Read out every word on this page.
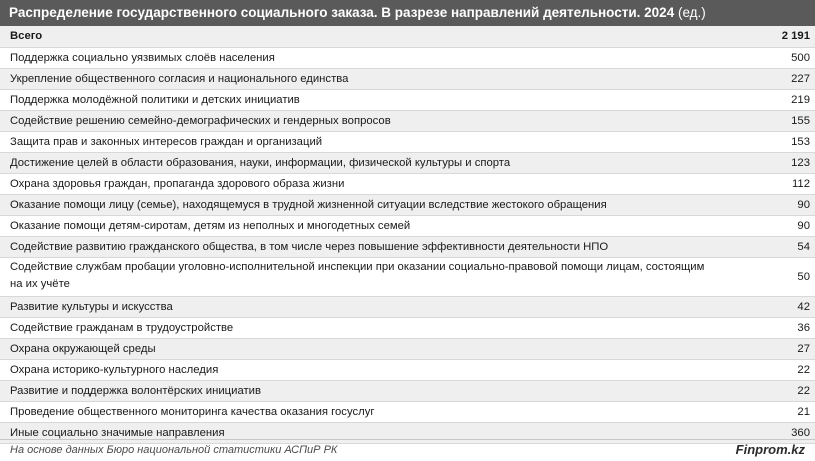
Распределение государственного социального заказа. В разрезе направлений деятельности. 2024 (ед.)
Всего	2 191
Поддержка социально уязвимых слоёв населения	500
Укрепление общественного согласия и национального единства	227
Поддержка молодёжной политики и детских инициатив	219
Содействие решению семейно-демографических и гендерных вопросов	155
Защита прав и законных интересов граждан и организаций	153
Достижение целей в области образования, науки, информации, физической культуры и спорта	123
Охрана здоровья граждан, пропаганда здорового образа жизни	112
Оказание помощи лицу (семье), находящемуся в трудной жизненной ситуации вследствие жестокого обращения	90
Оказание помощи детям-сиротам, детям из неполных и многодетных семей	90
Содействие развитию гражданского общества, в том числе через повышение эффективности деятельности НПО	54
Содействие службам пробации уголовно-исполнительной инспекции при оказании социально-правовой помощи лицам, состоящим на их учёте	50
Развитие культуры и искусства	42
Содействие гражданам в трудоустройстве	36
Охрана окружающей среды	27
Охрана историко-культурного наследия	22
Развитие и поддержка волонтёрских инициатив	22
Проведение общественного мониторинга качества оказания госуслуг	21
Иные социально значимые направления	360
На основе данных Бюро национальной статистики АСПиР РК	Finprom.kz
